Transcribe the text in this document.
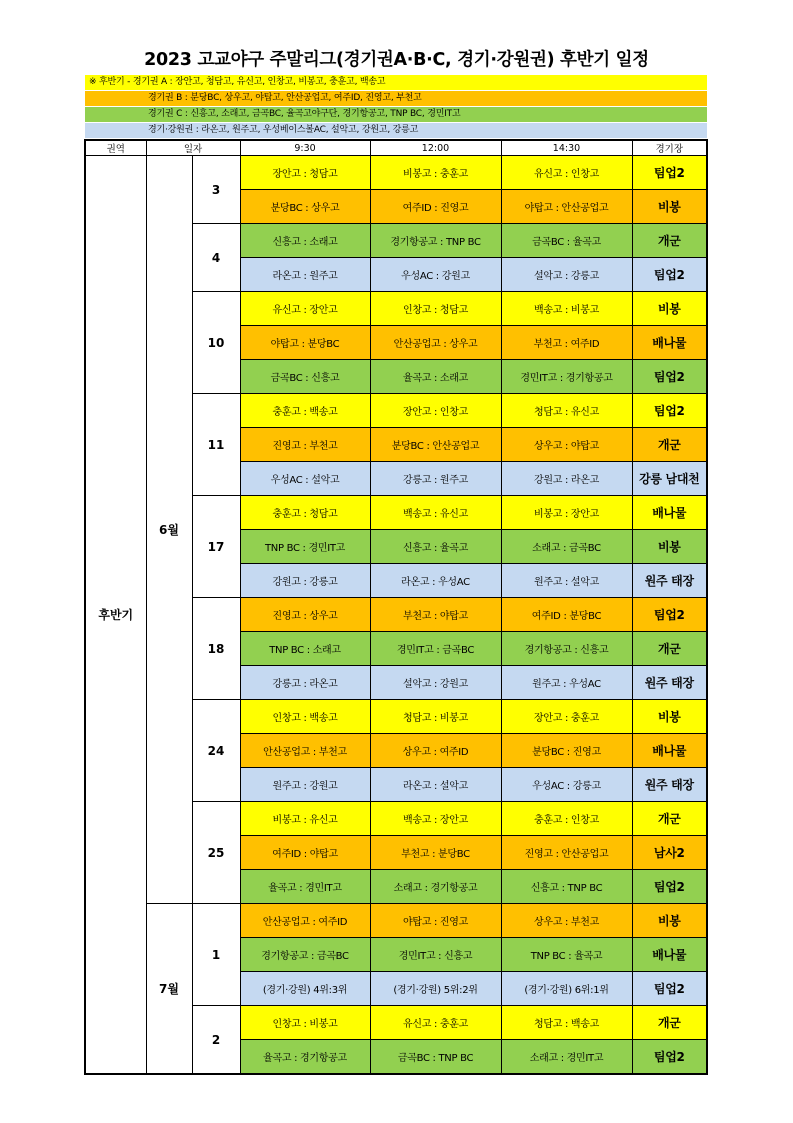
2023 고교야구 주말리그(경기권A·B·C, 경기·강원권) 후반기 일정
※ 후반기 - 경기권 A : 장안고, 청담고, 유신고, 인창고, 비봉고, 충훈고, 백송고
경기권 B : 분당BC, 상우고, 야탑고, 안산공업고, 여주ID, 진영고, 부천고
경기권 C : 신흥고, 소래고, 금곡BC, 율곡고야구단, 경기항공고, TNP BC, 경민IT고
경기·강원권 : 라온고, 원주고, 우성베이스볼AC, 설악고, 강원고, 강릉고
권역	일자		9:30	12:00	14:30	경기장
후반기	6월	3	장안고 : 청담고	비봉고 : 충훈고	유신고 : 인창고	팀업2
			분당BC : 상우고	여주ID : 진영고	야탑고 : 안산공업고	비봉
		4	신흥고 : 소래고	경기항공고 : TNP BC	금곡BC : 율곡고	개군
			라온고 : 원주고	우성AC : 강원고	설악고 : 강릉고	팀업2
		10	유신고 : 장안고	인창고 : 청담고	백송고 : 비봉고	비봉
			야탑고 : 분당BC	안산공업고 : 상우고	부천고 : 여주ID	배나물
			금곡BC : 신흥고	율곡고 : 소래고	경민IT고 : 경기항공고	팀업2
		11	충훈고 : 백송고	장안고 : 인창고	청담고 : 유신고	팀업2
			진영고 : 부천고	분당BC : 안산공업고	상우고 : 야탑고	개군
			우성AC : 설악고	강릉고 : 원주고	강원고 : 라온고	강릉 남대천
		17	충훈고 : 청담고	백송고 : 유신고	비봉고 : 장안고	배나물
			TNP BC : 경민IT고	신흥고 : 율곡고	소래고 : 금곡BC	비봉
			강원고 : 강릉고	라온고 : 우성AC	원주고 : 설악고	원주 태장
		18	진영고 : 상우고	부천고 : 야탑고	여주ID : 분당BC	팀업2
			TNP BC : 소래고	경민IT고 : 금곡BC	경기항공고 : 신흥고	개군
			강릉고 : 라온고	설악고 : 강원고	원주고 : 우성AC	원주 태장
		24	인창고 : 백송고	청담고 : 비봉고	장안고 : 충훈고	비봉
			안산공업고 : 부천고	상우고 : 여주ID	분당BC : 진영고	배나물
			원주고 : 강원고	라온고 : 설악고	우성AC : 강릉고	원주 태장
		25	비봉고 : 유신고	백송고 : 장안고	충훈고 : 인창고	개군
			여주ID : 야탑고	부천고 : 분당BC	진영고 : 안산공업고	남사2
			율곡고 : 경민IT고	소래고 : 경기항공고	신흥고 : TNP BC	팀업2
	7월	1	안산공업고 : 여주ID	야탑고 : 진영고	상우고 : 부천고	비봉
			경기항공고 : 금곡BC	경민IT고 : 신흥고	TNP BC : 율곡고	배나물
			(경기·강원) 4위:3위	(경기·강원) 5위:2위	(경기·강원) 6위:1위	팀업2
		2	인창고 : 비봉고	유신고 : 충훈고	청담고 : 백송고	개군
			율곡고 : 경기항공고	금곡BC : TNP BC	소래고 : 경민IT고	팀업2
